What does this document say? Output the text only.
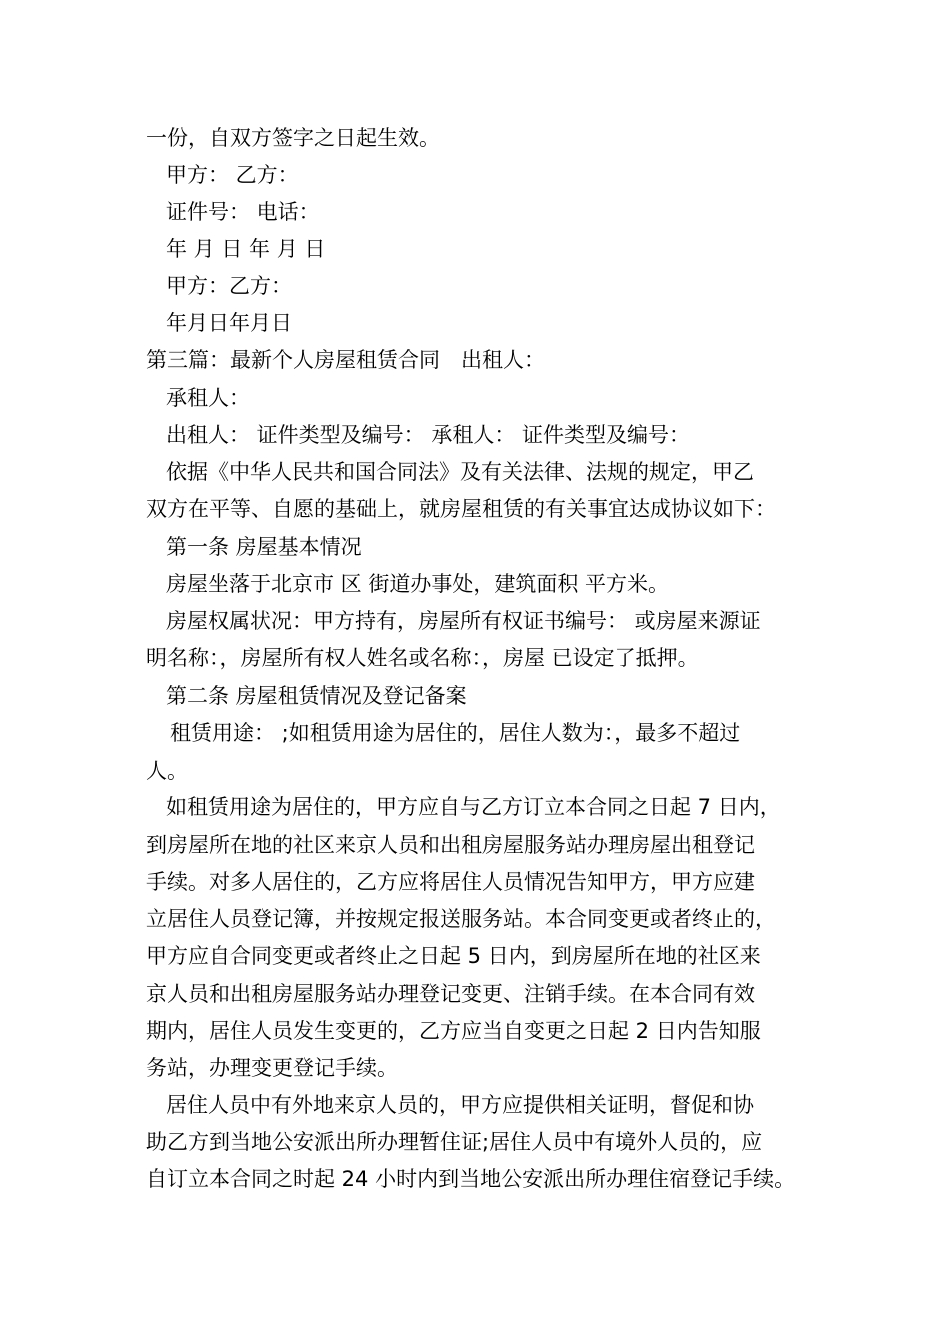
一份，自双方签字之日起生效。
甲方： 乙方：
证件号： 电话：
年 月 日 年 月 日
甲方：乙方：
年月日年月日
第三篇：最新个人房屋租赁合同　出租人：
承租人：
出租人： 证件类型及编号： 承租人： 证件类型及编号：
依据《中华人民共和国合同法》及有关法律、法规的规定，甲乙
双方在平等、自愿的基础上，就房屋租赁的有关事宜达成协议如下：
第一条 房屋基本情况
房屋坐落于北京市 区 街道办事处，建筑面积 平方米。
房屋权属状况：甲方持有，房屋所有权证书编号： 或房屋来源证
明名称：，房屋所有权人姓名或名称：，房屋 已设定了抵押。
第二条 房屋租赁情况及登记备案
租赁用途： ;如租赁用途为居住的，居住人数为：，最多不超过
人。
如租赁用途为居住的，甲方应自与乙方订立本合同之日起 7 日内，
到房屋所在地的社区来京人员和出租房屋服务站办理房屋出租登记
手续。对多人居住的，乙方应将居住人员情况告知甲方，甲方应建
立居住人员登记簿，并按规定报送服务站。本合同变更或者终止的，
甲方应自合同变更或者终止之日起 5 日内，到房屋所在地的社区来
京人员和出租房屋服务站办理登记变更、注销手续。在本合同有效
期内，居住人员发生变更的，乙方应当自变更之日起 2 日内告知服
务站，办理变更登记手续。
居住人员中有外地来京人员的，甲方应提供相关证明，督促和协
助乙方到当地公安派出所办理暂住证;居住人员中有境外人员的，应
自订立本合同之时起 24 小时内到当地公安派出所办理住宿登记手续。
